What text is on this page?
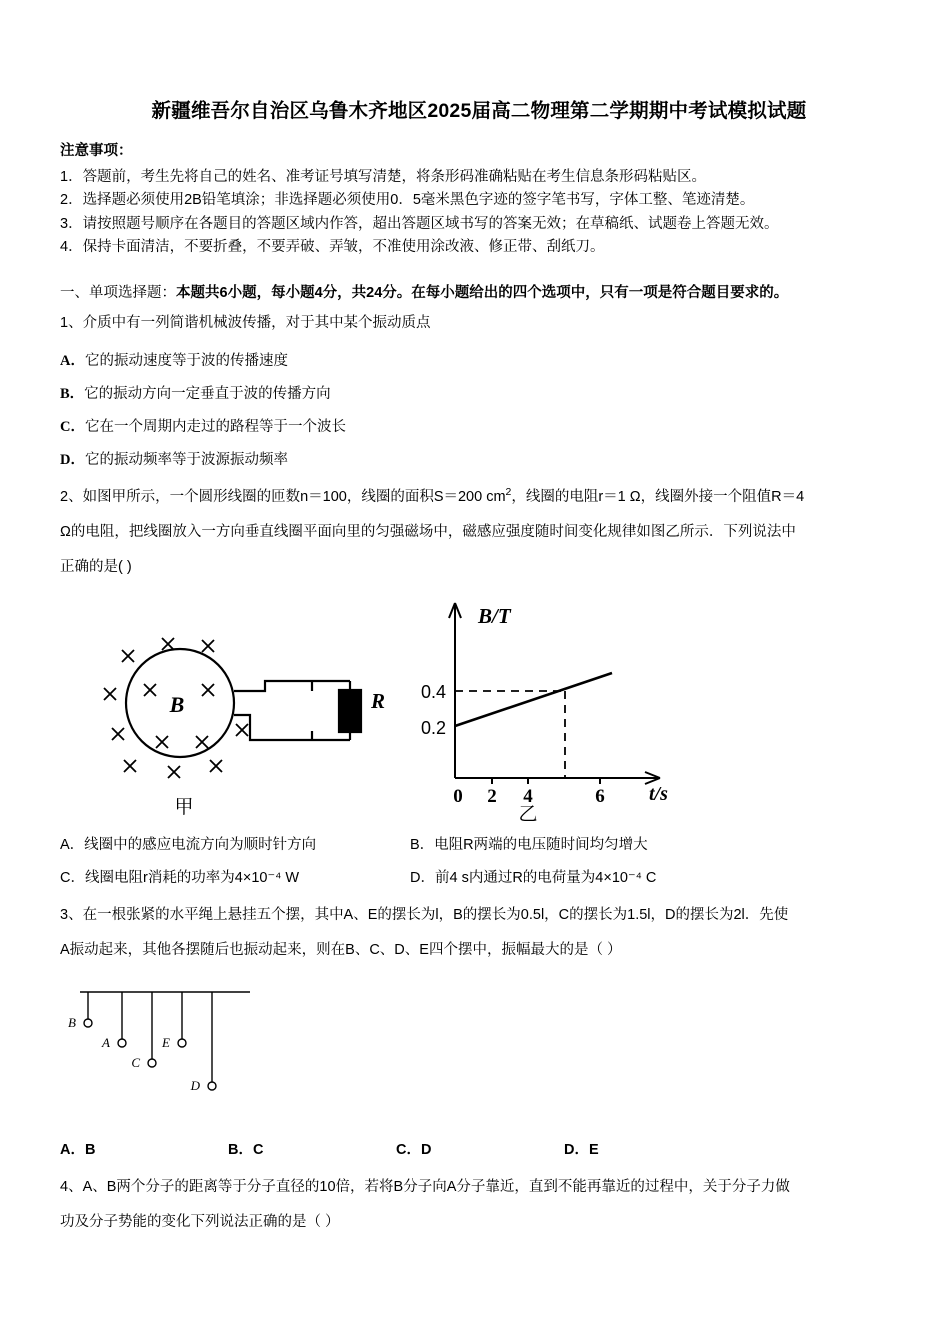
新疆维吾尔自治区乌鲁木齐地区2025届高二物理第二学期期中考试模拟试题
注意事项：

1．答题前，考生先将自己的姓名、准考证号填写清楚，将条形码准确粘贴在考生信息条形码粘贴区。

2．选择题必须使用2B铅笔填涂；非选择题必须使用0．5毫米黑色字迹的签字笔书写，字体工整、笔迹清楚。

3．请按照题号顺序在各题目的答题区域内作答，超出答题区域书写的答案无效；在草稿纸、试题卷上答题无效。

4．保持卡面清洁，不要折叠，不要弄破、弄皱，不准使用涂改液、修正带、刮纸刀。

一、单项选择题：本题共6小题，每小题4分，共24分。在每小题给出的四个选项中，只有一项是符合题目要求的。

1、介质中有一列简谐机械波传播，对于其中某个振动质点

A．它的振动速度等于波的传播速度

B．它的振动方向一定垂直于波的传播方向

C．它在一个周期内走过的路程等于一个波长

D．它的振动频率等于波源振动频率

2、如图甲所示，一个圆形线圈的匝数n＝100，线圈的面积S＝200 $cm^2$，线圈的电阻r＝1 Ω，线圈外接一个阻值R＝4

Ω的电阻，把线圈放入一方向垂直线圈平面向里的匀强磁场中，磁感应强度随时间变化规律如图乙所示．下列说法中

正确的是( )

B	R
甲
B/T
t/s
0.4
0.2
0 2 4	6
乙
A．线圈中的感应电流方向为顺时针方向	B．电阻R两端的电压随时间均匀增大
C．线圈电阻r消耗的功率为4×10⁻⁴ W	D．前4 s内通过R的电荷量为4×10⁻⁴ C

3、在一根张紧的水平绳上悬挂五个摆，其中A、E的摆长为l，B的摆长为0.5l，C的摆长为1.5l，D的摆长为2l．先使

A振动起来，其他各摆随后也振动起来，则在B、C、D、E四个摆中，振幅最大的是（ ）

B
A
C
E
D
A．B	B．C	C．D	D．E

4、A、B两个分子的距离等于分子直径的10倍，若将B分子向A分子靠近，直到不能再靠近的过程中，关于分子力做

功及分子势能的变化下列说法正确的是（ ）
